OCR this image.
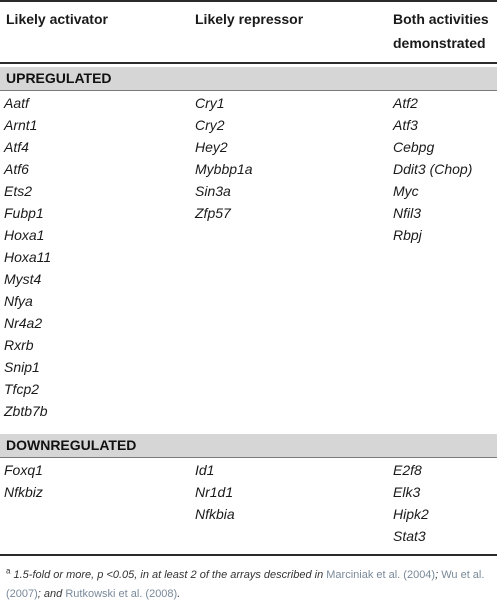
Likely activator	Likely repressor	Both activities
demonstrated
UPREGULATED
Aatf
Arnt1
Atf4
Atf6
Ets2
Fubp1
Hoxa1
Hoxa11
Myst4
Nfya
Nr4a2
Rxrb
Snip1
Tfcp2
Zbtb7b
Cry1
Cry2
Hey2
Mybbp1a
Sin3a
Zfp57
Atf2
Atf3
Cebpg
Ddit3 (Chop)
Myc
Nfil3
Rbpj
DOWNREGULATED
Foxq1
Nfkbiz
Id1
Nr1d1
Nfkbia
E2f8
Elk3
Hipk2
Stat3
$^a$ 1.5-fold or more, p <0.05, in at least 2 of the arrays described in Marciniak et al. (2004); Wu et al. (2007); and Rutkowski et al. (2008).
